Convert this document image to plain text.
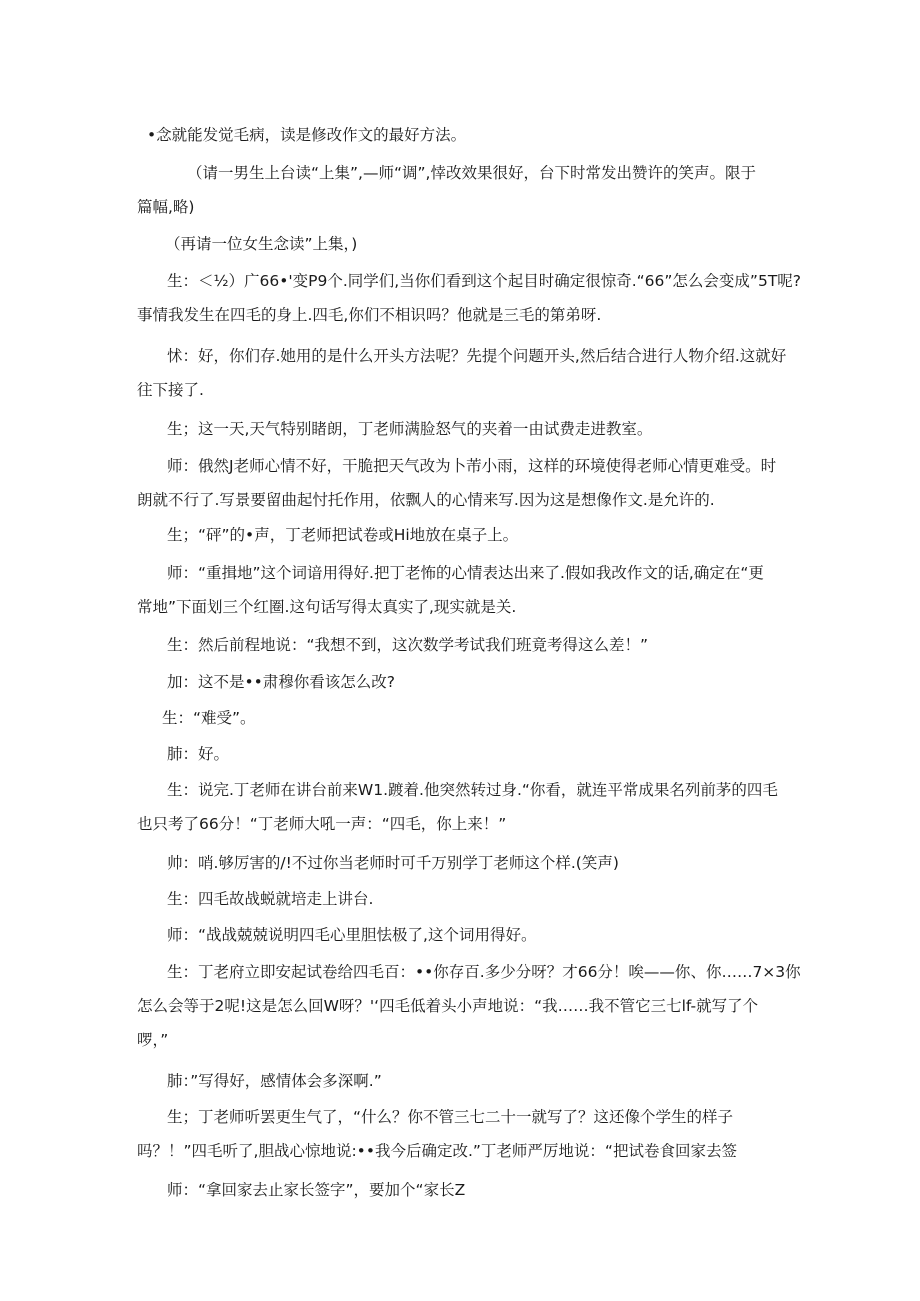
•念就能发觉毛病，读是修改作文的最好方法。
（请一男生上台读“上集”,—师“调”,悻改效果很好，台下时常发出赞许的笑声。限于
篇幅,略)
（再请一位女生念读”上集，)
生：＜½）广66•'变P9个.同学们,当你们看到这个起目时确定很惊奇.“66”怎么会变成”5T呢?
事情我发生在四毛的身上.四毛,你们不相识吗？他就是三毛的第弟呀.
怵：好，你们存.她用的是什么开头方法呢？先提个问题开头,然后结合进行人物介绍.这就好
往下接了.
生；这一天,天气特别睹朗，丁老师满脸怒气的夹着一由试费走进教室。
师：俄然J老师心情不好，干脆把天气改为卜芾小雨，这样的环境使得老师心情更难受。时
朗就不行了.写景要留曲起忖托作用，依飘人的心情来写.因为这是想像作文.是允许的.
生；“砰”的•声，丁老师把试卷或Hi地放在桌子上。
师：“重揖地”这个词谙用得好.把丁老怖的心情表达出来了.假如我改作文的话,确定在“更
常地”下面划三个红圈.这句话写得太真实了,现实就是关.
生：然后前程地说：“我想不到，这次数学考试我们班竟考得这么差！”
加：这不是••肃穆你看该怎么改?
生：“难受”。
肺：好。
生：说完.丁老师在讲台前来W1.踱着.他突然转过身.“你看，就连平常成果名列前茅的四毛
也只考了66分！“丁老师大吼一声：“四毛，你上来！”
帅：哨.够厉害的/!不过你当老师时可千万别学丁老师这个样.(笑声)
生：四毛故战蜕就培走上讲台.
师：“战战兢兢说明四毛心里胆怯极了,这个词用得好。
生：丁老府立即安起试卷给四毛百：••你存百.多少分呀？才66分！唉——你、你……7×3你
怎么会等于2呢!这是怎么回W呀？'‘四毛低着头小声地说：“我……我不管它三七lf-就写了个
啰，”
肺：”写得好，感情体会多深啊.”
生；丁老师听罢更生气了，“什么？你不管三七二十一就写了？这还像个学生的样子
吗？！”四毛听了,胆战心惊地说:••我今后确定改.”丁老师严厉地说：“把试卷食回家去签
师：“拿回家去止家长签字”，要加个“家长Z
